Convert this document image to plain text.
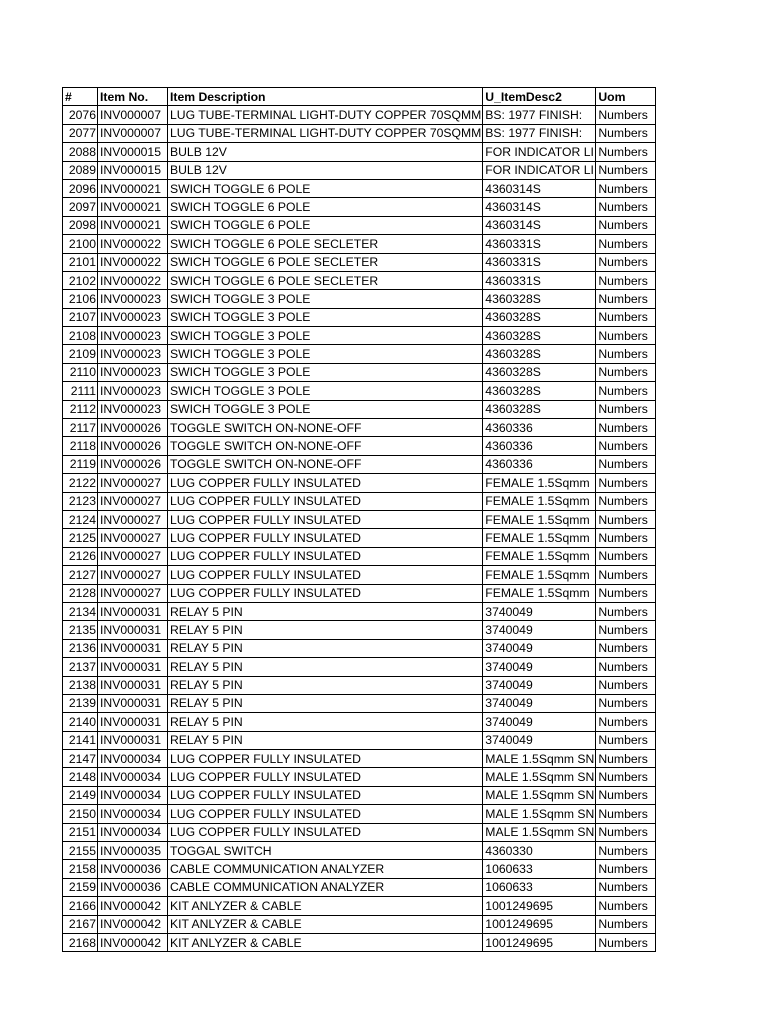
#	Item No.	Item Description	U_ItemDesc2	Uom
2076	INV000007	LUG TUBE-TERMINAL LIGHT-DUTY COPPER 70SQMM	BS: 1977 FINISH:	Numbers
2077	INV000007	LUG TUBE-TERMINAL LIGHT-DUTY COPPER 70SQMM	BS: 1977 FINISH:	Numbers
2088	INV000015	BULB 12V	FOR INDICATOR LI	Numbers
2089	INV000015	BULB 12V	FOR INDICATOR LI	Numbers
2096	INV000021	SWICH TOGGLE 6 POLE	4360314S	Numbers
2097	INV000021	SWICH TOGGLE 6 POLE	4360314S	Numbers
2098	INV000021	SWICH TOGGLE 6 POLE	4360314S	Numbers
2100	INV000022	SWICH TOGGLE 6 POLE SECLETER	4360331S	Numbers
2101	INV000022	SWICH TOGGLE 6 POLE SECLETER	4360331S	Numbers
2102	INV000022	SWICH TOGGLE 6 POLE SECLETER	4360331S	Numbers
2106	INV000023	SWICH TOGGLE 3 POLE	4360328S	Numbers
2107	INV000023	SWICH TOGGLE 3 POLE	4360328S	Numbers
2108	INV000023	SWICH TOGGLE 3 POLE	4360328S	Numbers
2109	INV000023	SWICH TOGGLE 3 POLE	4360328S	Numbers
2110	INV000023	SWICH TOGGLE 3 POLE	4360328S	Numbers
2111	INV000023	SWICH TOGGLE 3 POLE	4360328S	Numbers
2112	INV000023	SWICH TOGGLE 3 POLE	4360328S	Numbers
2117	INV000026	TOGGLE SWITCH ON-NONE-OFF	4360336	Numbers
2118	INV000026	TOGGLE SWITCH ON-NONE-OFF	4360336	Numbers
2119	INV000026	TOGGLE SWITCH ON-NONE-OFF	4360336	Numbers
2122	INV000027	LUG COPPER FULLY INSULATED	FEMALE 1.5Sqmm	Numbers
2123	INV000027	LUG COPPER FULLY INSULATED	FEMALE 1.5Sqmm	Numbers
2124	INV000027	LUG COPPER FULLY INSULATED	FEMALE 1.5Sqmm	Numbers
2125	INV000027	LUG COPPER FULLY INSULATED	FEMALE 1.5Sqmm	Numbers
2126	INV000027	LUG COPPER FULLY INSULATED	FEMALE 1.5Sqmm	Numbers
2127	INV000027	LUG COPPER FULLY INSULATED	FEMALE 1.5Sqmm	Numbers
2128	INV000027	LUG COPPER FULLY INSULATED	FEMALE 1.5Sqmm	Numbers
2134	INV000031	RELAY 5 PIN	3740049	Numbers
2135	INV000031	RELAY 5 PIN	3740049	Numbers
2136	INV000031	RELAY 5 PIN	3740049	Numbers
2137	INV000031	RELAY 5 PIN	3740049	Numbers
2138	INV000031	RELAY 5 PIN	3740049	Numbers
2139	INV000031	RELAY 5 PIN	3740049	Numbers
2140	INV000031	RELAY 5 PIN	3740049	Numbers
2141	INV000031	RELAY 5 PIN	3740049	Numbers
2147	INV000034	LUG COPPER FULLY INSULATED	MALE 1.5Sqmm SN	Numbers
2148	INV000034	LUG COPPER FULLY INSULATED	MALE 1.5Sqmm SN	Numbers
2149	INV000034	LUG COPPER FULLY INSULATED	MALE 1.5Sqmm SN	Numbers
2150	INV000034	LUG COPPER FULLY INSULATED	MALE 1.5Sqmm SN	Numbers
2151	INV000034	LUG COPPER FULLY INSULATED	MALE 1.5Sqmm SN	Numbers
2155	INV000035	TOGGAL SWITCH	4360330	Numbers
2158	INV000036	CABLE COMMUNICATION ANALYZER	1060633	Numbers
2159	INV000036	CABLE COMMUNICATION ANALYZER	1060633	Numbers
2166	INV000042	KIT ANLYZER & CABLE	1001249695	Numbers
2167	INV000042	KIT ANLYZER & CABLE	1001249695	Numbers
2168	INV000042	KIT ANLYZER & CABLE	1001249695	Numbers
